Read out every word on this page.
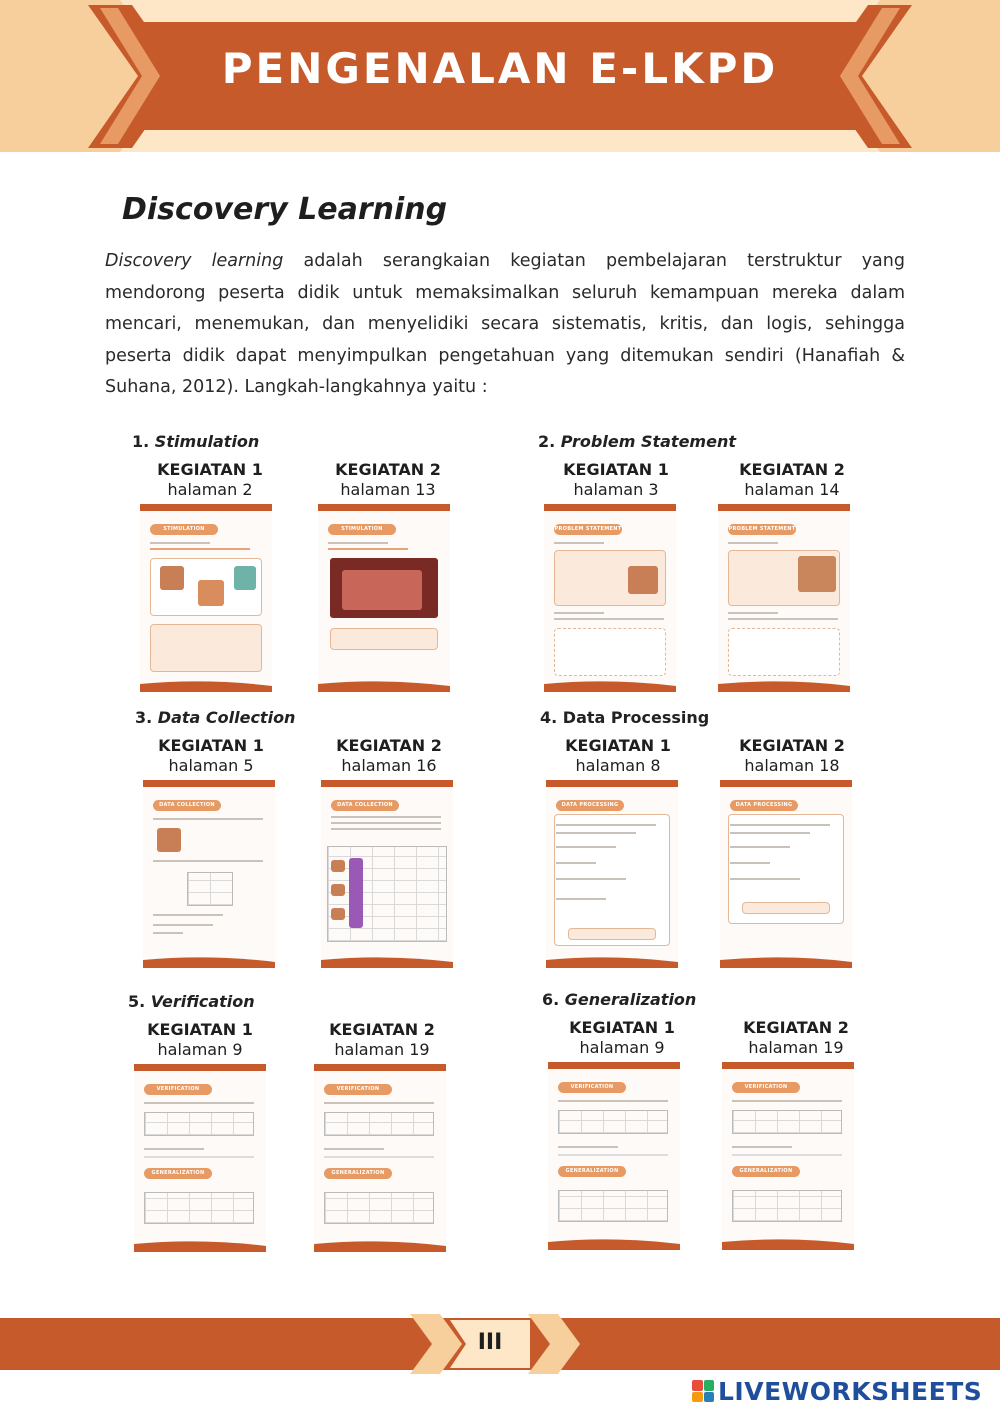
PENGENALAN E-LKPD
Discovery Learning
Discovery learning adalah serangkaian kegiatan pembelajaran terstruktur yang mendorong peserta didik untuk memaksimalkan seluruh kemampuan mereka dalam mencari, menemukan, dan menyelidiki secara sistematis, kritis, dan logis, sehingga peserta didik dapat menyimpulkan pengetahuan yang ditemukan sendiri (Hanafiah & Suhana, 2012). Langkah-langkahnya yaitu :
1. Stimulation
KEGIATAN 1
halaman 2
KEGIATAN 2
halaman 13
STIMULATION	STIMULATION
2. Problem Statement
KEGIATAN 1
halaman 3
KEGIATAN 2
halaman 14
PROBLEM STATEMENT	PROBLEM STATEMENT
3. Data Collection
KEGIATAN 1
halaman 5
KEGIATAN 2
halaman 16
DATA COLLECTION	DATA COLLECTION
4. Data Processing
KEGIATAN 1
halaman 8
KEGIATAN 2
halaman 18
DATA PROCESSING	DATA PROCESSING
5. Verification
KEGIATAN 1
halaman 9
KEGIATAN 2
halaman 19
VERIFICATION
GENERALIZATION
VERIFICATION
GENERALIZATION
6. Generalization
KEGIATAN 1
halaman 9
KEGIATAN 2
halaman 19
VERIFICATION
GENERALIZATION
VERIFICATION
GENERALIZATION
III
LIVEWORKSHEETS
